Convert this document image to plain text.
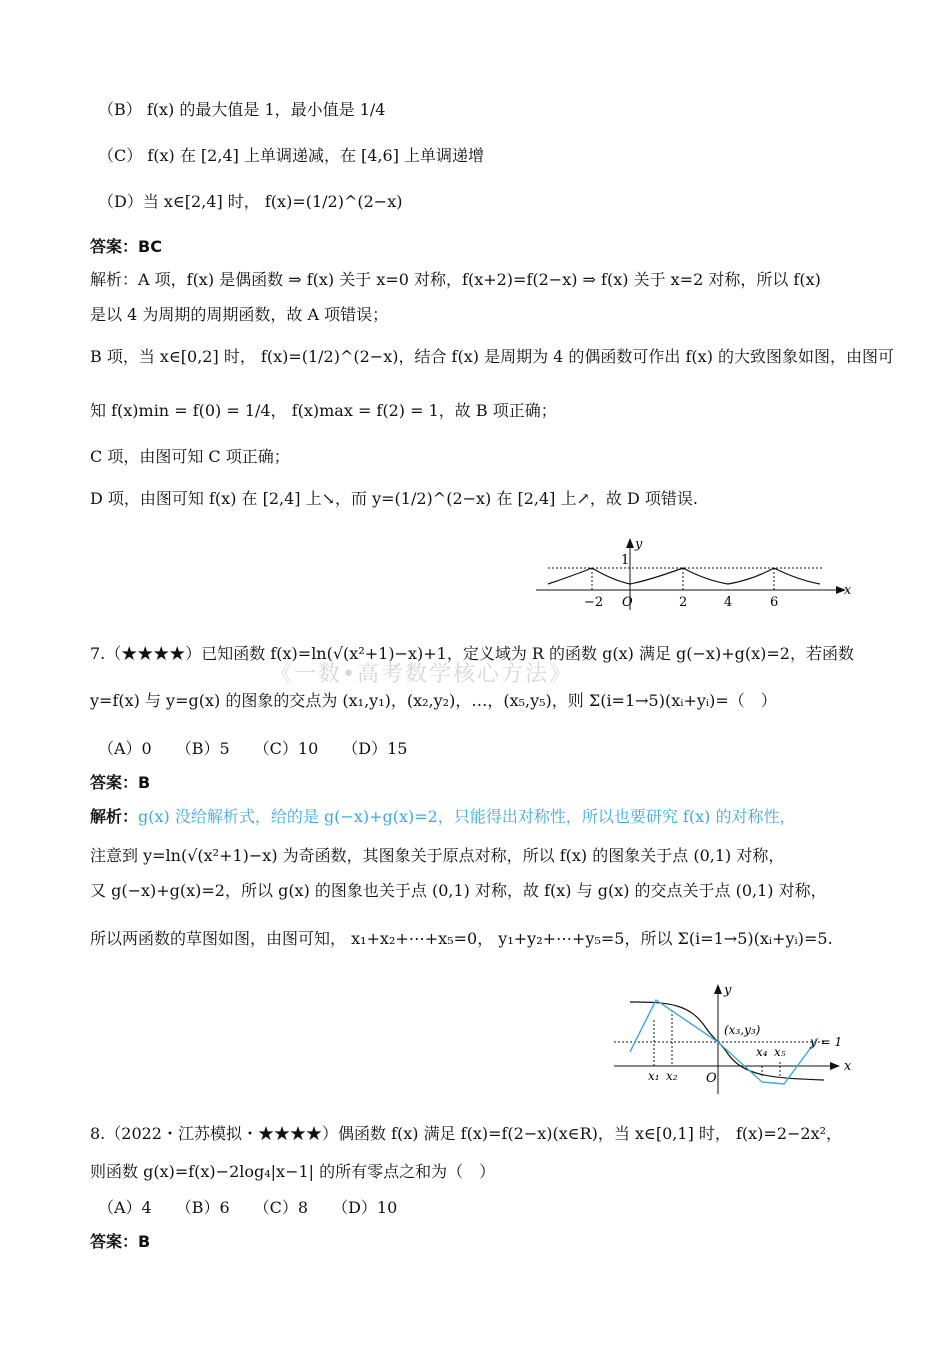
（B） f(x) 的最大值是 1，最小值是 1/4
（C） f(x) 在 [2,4] 上单调递减，在 [4,6] 上单调递增
（D）当 x∈[2,4] 时， f(x)=(1/2)^(2−x)
答案：BC
解析：A 项，f(x) 是偶函数 ⇒ f(x) 关于 x=0 对称，f(x+2)=f(2−x) ⇒ f(x) 关于 x=2 对称，所以 f(x)
是以 4 为周期的周期函数，故 A 项错误；
B 项，当 x∈[0,2] 时， f(x)=(1/2)^(2−x)，结合 f(x) 是周期为 4 的偶函数可作出 f(x) 的大致图象如图，由图可
知 f(x)min = f(0) = 1/4， f(x)max = f(2) = 1，故 B 项正确；
C 项，由图可知 C 项正确；
D 项，由图可知 f(x) 在 [2,4] 上↘，而 y=(1/2)^(2−x) 在 [2,4] 上↗，故 D 项错误.
y
x
1
O
−2	2	4	6
7.（★★★★）已知函数 f(x)=ln(√(x²+1)−x)+1，定义域为 R 的函数 g(x) 满足 g(−x)+g(x)=2，若函数
《一数•高考数学核心方法》
y=f(x) 与 y=g(x) 的图象的交点为 (x₁,y₁)，(x₂,y₂)，…，(x₅,y₅)，则 Σ(i=1→5)(xᵢ+yᵢ)=（　）
（A）0　　（B）5　　（C）10　　（D）15
答案：B
解析：g(x) 没给解析式，给的是 g(−x)+g(x)=2，只能得出对称性，所以也要研究 f(x) 的对称性，
注意到 y=ln(√(x²+1)−x) 为奇函数，其图象关于原点对称，所以 f(x) 的图象关于点 (0,1) 对称，
又 g(−x)+g(x)=2，所以 g(x) 的图象也关于点 (0,1) 对称，故 f(x) 与 g(x) 的交点关于点 (0,1) 对称，
所以两函数的草图如图，由图可知， x₁+x₂+⋯+x₅=0， y₁+y₂+⋯+y₅=5，所以 Σ(i=1→5)(xᵢ+yᵢ)=5.
y
x
O
(x₃,y₃)
y = 1
x₁ x₂
x₄ x₅
8.（2022・江苏模拟・★★★★）偶函数 f(x) 满足 f(x)=f(2−x)(x∈R)，当 x∈[0,1] 时， f(x)=2−2x²，
则函数 g(x)=f(x)−2log₄|x−1| 的所有零点之和为（　）
（A）4　　（B）6　　（C）8　　（D）10
答案：B
